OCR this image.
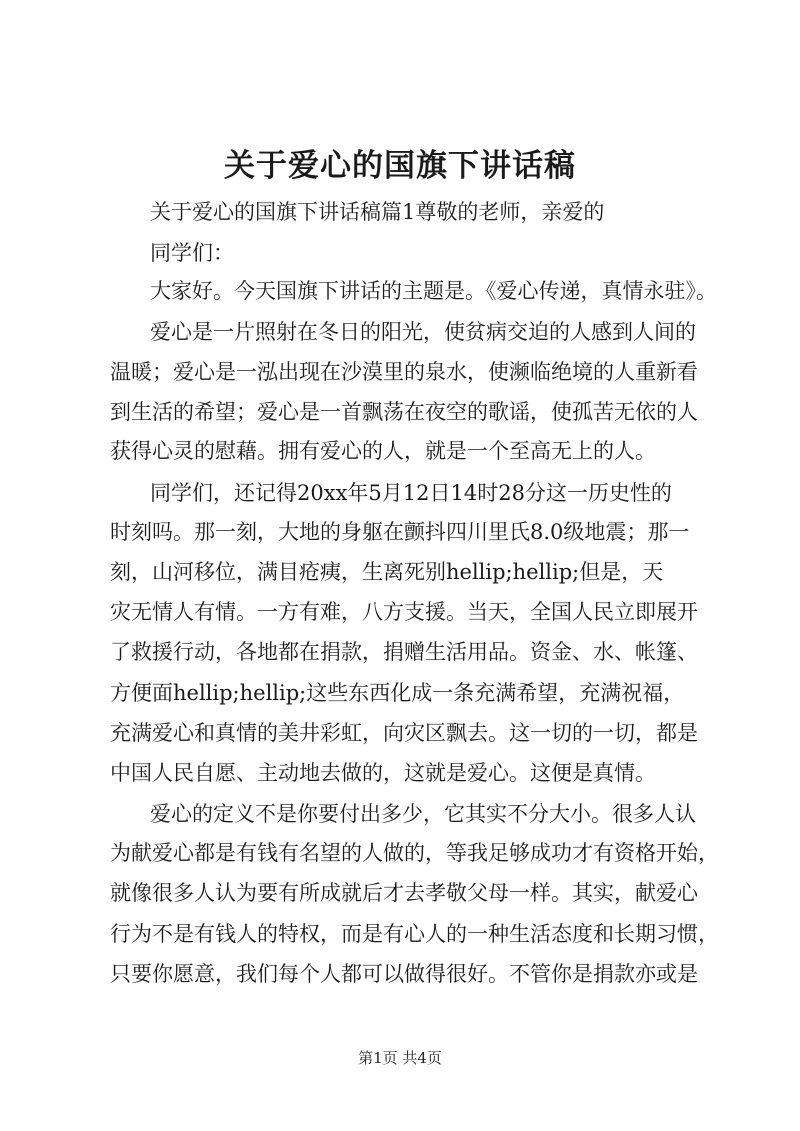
关于爱心的国旗下讲话稿

关于爱心的国旗下讲话稿篇1尊敬的老师，亲爱的

同学们：

大家好。今天国旗下讲话的主题是。《爱心传递，真情永驻》。

爱心是一片照射在冬日的阳光，使贫病交迫的人感到人间的

温暖；爱心是一泓出现在沙漠里的泉水，使濒临绝境的人重新看

到生活的希望；爱心是一首飘荡在夜空的歌谣，使孤苦无依的人

获得心灵的慰藉。拥有爱心的人，就是一个至高无上的人。

同学们，还记得20xx年5月12日14时28分这一历史性的

时刻吗。那一刻，大地的身躯在颤抖四川里氏8.0级地震；那一

刻，山河移位，满目疮痍，生离死别hellip;hellip;但是，天

灾无情人有情。一方有难，八方支援。当天，全国人民立即展开

了救援行动，各地都在捐款，捐赠生活用品。资金、水、帐篷、

方便面hellip;hellip;这些东西化成一条充满希望，充满祝福，

充满爱心和真情的美井彩虹，向灾区飘去。这一切的一切，都是

中国人民自愿、主动地去做的，这就是爱心。这便是真情。

爱心的定义不是你要付出多少，它其实不分大小。很多人认

为献爱心都是有钱有名望的人做的，等我足够成功才有资格开始，

就像很多人认为要有所成就后才去孝敬父母一样。其实，献爱心

行为不是有钱人的特权，而是有心人的一种生活态度和长期习惯，

只要你愿意，我们每个人都可以做得很好。不管你是捐款亦或是

第1页 共4页
